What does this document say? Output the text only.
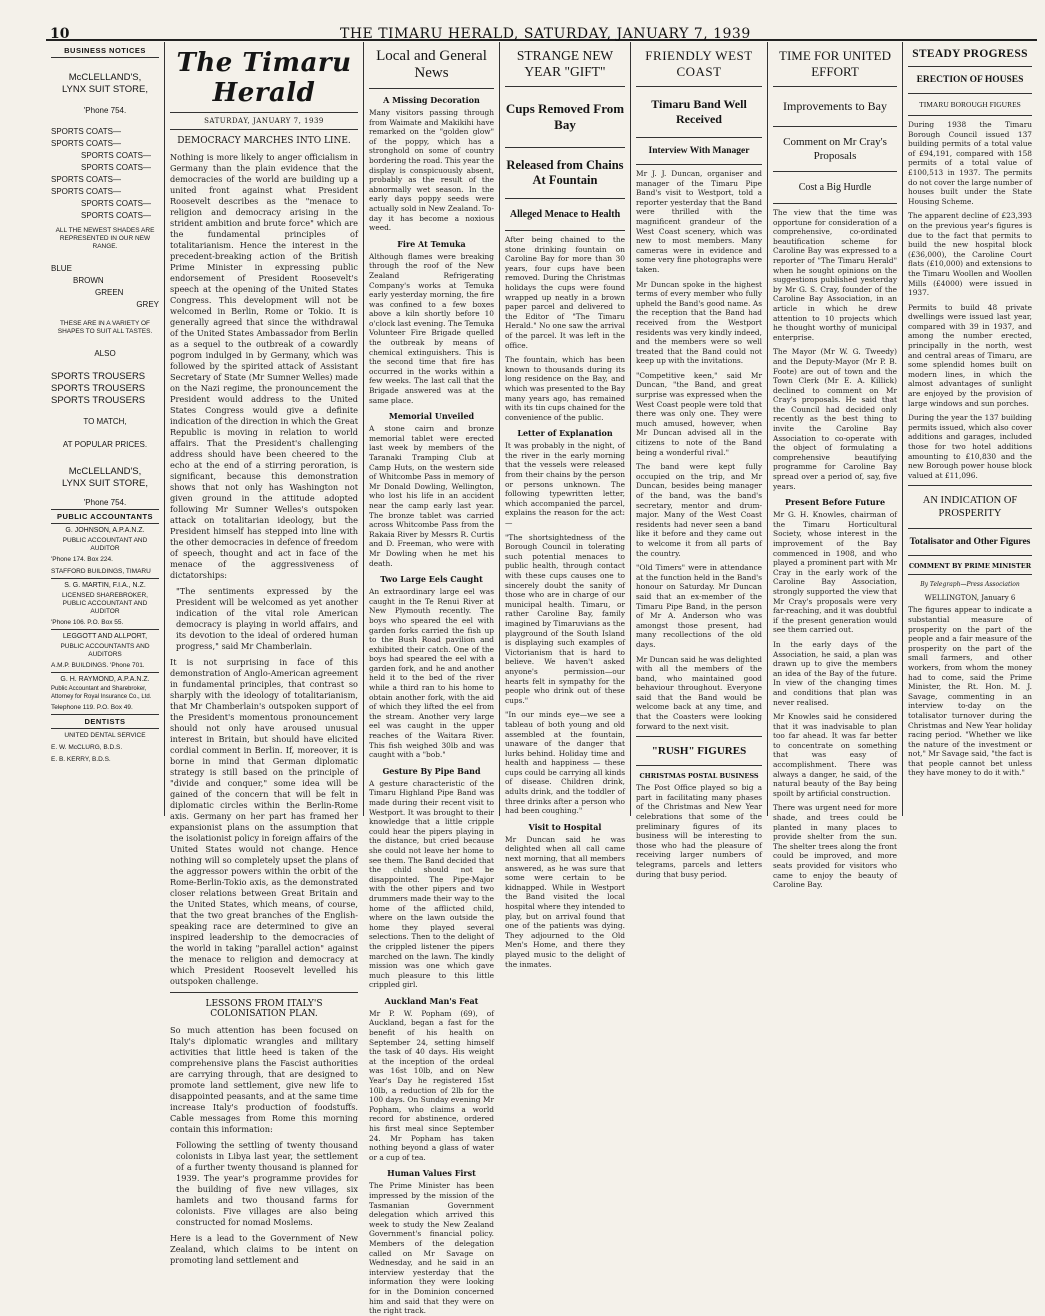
10	THE TIMARU HERALD, SATURDAY, JANUARY 7, 1939
BUSINESS NOTICES
McCLELLAND'S,
LYNX SUIT STORE,
'Phone 754.
SPORTS COATS—
SPORTS COATS—
SPORTS COATS—
SPORTS COATS—
SPORTS COATS—
SPORTS COATS—
SPORTS COATS—
SPORTS COATS—
ALL THE NEWEST SHADES ARE REPRESENTED IN OUR NEW RANGE.
BLUE
BROWN
GREEN
GREY
THESE ARE IN A VARIETY OF SHAPES TO SUIT ALL TASTES.
ALSO
SPORTS TROUSERS
SPORTS TROUSERS
SPORTS TROUSERS
TO MATCH,
AT POPULAR PRICES.
McCLELLAND'S,
LYNX SUIT STORE,
'Phone 754.
PUBLIC ACCOUNTANTS
G. JOHNSON, A.P.A.N.Z.
PUBLIC ACCOUNTANT AND AUDITOR
'Phone 174. Box 224.
STAFFORD BUILDINGS, TIMARU
S. G. MARTIN, F.I.A., N.Z.
LICENSED SHAREBROKER, PUBLIC ACCOUNTANT AND AUDITOR
'Phone 106. P.O. Box 55.
LEGGOTT AND ALLPORT,
PUBLIC ACCOUNTANTS AND AUDITORS
A.M.P. BUILDINGS. 'Phone 701.
G. H. RAYMOND, A.P.A.N.Z.
Public Accountant and Sharebroker, Attorney for Royal Insurance Co., Ltd.
Telephone 119. P.O. Box 49.
DENTISTS
UNITED DENTAL SERVICE
E. W. McCLURG, B.D.S.
E. B. KERRY, B.D.S.
The Timaru Herald
SATURDAY, JANUARY 7, 1939
DEMOCRACY MARCHES INTO LINE.

Nothing is more likely to anger officialism in Germany than the plain evidence that the democracies of the world are building up a united front against what President Roosevelt describes as the "menace to religion and democracy arising in the strident ambition and brute force" which are the fundamental principles of totalitarianism. Hence the interest in the precedent-breaking action of the British Prime Minister in expressing public endorsement of President Roosevelt's speech at the opening of the United States Congress. This development will not be welcomed in Berlin, Rome or Tokio. It is generally agreed that since the withdrawal of the United States Ambassador from Berlin as a sequel to the outbreak of a cowardly pogrom indulged in by Germany, which was followed by the spirited attack of Assistant Secretary of State (Mr Sumner Welles) made on the Nazi regime, the pronouncement the President would address to the United States Congress would give a definite indication of the direction in which the Great Republic is moving in relation to world affairs. That the President's challenging address should have been cheered to the echo at the end of a stirring peroration, is significant, because this demonstration shows that not only has Washington not given ground in the attitude adopted following Mr Sumner Welles's outspoken attack on totalitarian ideology, but the President himself has stepped into line with the other democracies in defence of freedom of speech, thought and act in face of the menace of the aggressiveness of dictatorships:

"The sentiments expressed by the President will be welcomed as yet another indication of the vital role American democracy is playing in world affairs, and its devotion to the ideal of ordered human progress," said Mr Chamberlain.

It is not surprising in face of this demonstration of Anglo-American agreement in fundamental principles, that contrast so sharply with the ideology of totalitarianism, that Mr Chamberlain's outspoken support of the President's momentous pronouncement should not only have aroused unusual interest in Britain, but should have elicited cordial comment in Berlin. If, moreover, it is borne in mind that German diplomatic strategy is still based on the principle of "divide and conquer," some idea will be gained of the concern that will be felt in diplomatic circles within the Berlin-Rome axis. Germany on her part has framed her expansionist plans on the assumption that the isolationist policy in foreign affairs of the United States would not change. Hence nothing will so completely upset the plans of the aggressor powers within the orbit of the Rome-Berlin-Tokio axis, as the demonstrated closer relations between Great Britain and the United States, which means, of course, that the two great branches of the English-speaking race are determined to give an inspired leadership to the democracies of the world in taking "parallel action" against the menace to religion and democracy at which President Roosevelt levelled his outspoken challenge.

LESSONS FROM ITALY'S COLONISATION PLAN.

So much attention has been focused on Italy's diplomatic wrangles and military activities that little heed is taken of the comprehensive plans the Fascist authorities are carrying through, that are designed to promote land settlement, give new life to disappointed peasants, and at the same time increase Italy's production of foodstuffs. Cable messages from Rome this morning contain this information:

Following the settling of twenty thousand colonists in Libya last year, the settlement of a further twenty thousand is planned for 1939. The year's programme provides for the building of five new villages, six hamlets and two thousand farms for colonists. Five villages are also being constructed for nomad Moslems.

Here is a lead to the Government of New Zealand, which claims to be intent on promoting land settlement and

Local and General News
A Missing Decoration

Many visitors passing through from Waimate and Makikihi have remarked on the "golden glow" of the poppy, which has a stronghold on some of country bordering the road. This year the display is conspicuously absent, probably as the result of the abnormally wet season. In the early days poppy seeds were actually sold in New Zealand. To-day it has become a noxious weed.

Fire At Temuka

Although flames were breaking through the roof of the New Zealand Refrigerating Company's works at Temuka early yesterday morning, the fire was confined to a few boxes above a kiln shortly before 10 o'clock last evening. The Temuka Volunteer Fire Brigade quelled the outbreak by means of chemical extinguishers. This is the second time that fire has occurred in the works within a few weeks. The last call that the Brigade answered was at the same place.

Memorial Unveiled

A stone cairn and bronze memorial tablet were erected last week by members of the Taranaki Tramping Club at Camp Huts, on the western side of Whitcombe Pass in memory of Mr Donald Dowling, Wellington, who lost his life in an accident near the camp early last year. The bronze tablet was carried across Whitcombe Pass from the Rakaia River by Messrs R. Curtis and D. Freeman, who were with Mr Dowling when he met his death.

Two Large Eels Caught

An extraordinary large eel was caught in the Te Renui River at New Plymouth recently. The boys who speared the eel with garden forks carried the fish up to the Bush Road pavilion and exhibited their catch. One of the boys had speared the eel with a garden fork, and he and another held it to the bed of the river while a third ran to his home to obtain another fork, with the aid of which they lifted the eel from the stream. Another very large eel was caught in the upper reaches of the Waitara River. This fish weighed 30lb and was caught with a "bob."

Gesture By Pipe Band

A gesture characteristic of the Timaru Highland Pipe Band was made during their recent visit to Westport. It was brought to their knowledge that a little cripple could hear the pipers playing in the distance, but cried because she could not leave her home to see them. The Band decided that the child should not be disappointed. The Pipe-Major with the other pipers and two drummers made their way to the home of the afflicted child, where on the lawn outside the home they played several selections. Then to the delight of the crippled listener the pipers marched on the lawn. The kindly mission was one which gave much pleasure to this little crippled girl.

Auckland Man's Feat

Mr P. W. Popham (69), of Auckland, began a fast for the benefit of his health on September 24, setting himself the task of 40 days. His weight at the inception of the ordeal was 16st 10lb, and on New Year's Day he registered 15st 10lb, a reduction of 2lb for the 100 days. On Sunday evening Mr Popham, who claims a world record for abstinence, ordered his first meal since September 24. Mr Popham has taken nothing beyond a glass of water or a cup of tea.

Human Values First

The Prime Minister has been impressed by the mission of the Tasmanian Government delegation which arrived this week to study the New Zealand Government's financial policy. Members of the delegation called on Mr Savage on Wednesday, and he said in an interview yesterday that the information they were looking for in the Dominion concerned him and said that they were on the right track.

STRANGE NEW YEAR "GIFT"
Cups Removed From Bay
Released from Chains At Fountain
Alleged Menace to Health

After being chained to the stone drinking fountain on Caroline Bay for more than 30 years, four cups have been removed. During the Christmas holidays the cups were found wrapped up neatly in a brown paper parcel and delivered to the Editor of "The Timaru Herald." No one saw the arrival of the parcel. It was left in the office.

The fountain, which has been known to thousands during its long residence on the Bay, and which was presented to the Bay many years ago, has remained with its tin cups chained for the convenience of the public.

Letter of Explanation

It was probably in the night, of the river in the early morning that the vessels were released from their chains by the person or persons unknown. The following typewritten letter, which accompanied the parcel, explains the reason for the act:—

"The shortsightedness of the Borough Council in tolerating such potential menaces to public health, through contact with these cups causes one to sincerely doubt the sanity of those who are in charge of our municipal health. Timaru, or rather Caroline Bay, family imagined by Timaruvians as the playground of the South Island is displaying such examples of Victorianism that is hard to believe. We haven't asked anyone's permission—our hearts felt in sympathy for the people who drink out of these cups."

"In our minds eye—we see a tableau of both young and old assembled at the fountain, unaware of the danger that lurks behind. Holiday time and health and happiness — these cups could be carrying all kinds of disease. Children drink, adults drink, and the toddler of three drinks after a person who had been coughing."

Visit to Hospital

Mr Duncan said he was delighted when all call came next morning, that all members answered, as he was sure that some were certain to be kidnapped. While in Westport the Band visited the local hospital where they intended to play, but on arrival found that one of the patients was dying. They adjourned to the Old Men's Home, and there they played music to the delight of the inmates.

FRIENDLY WEST COAST
Timaru Band Well Received
Interview With Manager

Mr J. J. Duncan, organiser and manager of the Timaru Pipe Band's visit to Westport, told a reporter yesterday that the Band were thrilled with the magnificent grandeur of the West Coast scenery, which was new to most members. Many cameras were in evidence and some very fine photographs were taken.

Mr Duncan spoke in the highest terms of every member who fully upheld the Band's good name. As the reception that the Band had received from the Westport residents was very kindly indeed, and the members were so well treated that the Band could not keep up with the invitations.

"Competitive keen," said Mr Duncan, "the Band, and great surprise was expressed when the West Coast people were told that there was only one. They were much amused, however, when Mr Duncan advised all in the citizens to note of the Band being a wonderful rival."

The band were kept fully occupied on the trip, and Mr Duncan, besides being manager of the band, was the band's secretary, mentor and drum-major. Many of the West Coast residents had never seen a band like it before and they came out to welcome it from all parts of the country.

"Old Timers" were in attendance at the function held in the Band's honour on Saturday. Mr Duncan said that an ex-member of the Timaru Pipe Band, in the person of Mr A. Anderson who was amongst those present, had many recollections of the old days.

Mr Duncan said he was delighted with all the members of the band, who maintained good behaviour throughout. Everyone said that the Band would be welcome back at any time, and that the Coasters were looking forward to the next visit.

"RUSH" FIGURES
CHRISTMAS POSTAL BUSINESS

The Post Office played so big a part in facilitating many phases of the Christmas and New Year celebrations that some of the preliminary figures of its business will be interesting to those who had the pleasure of receiving larger numbers of telegrams, parcels and letters during that busy period.

TIME FOR UNITED EFFORT
Improvements to Bay
Comment on Mr Cray's Proposals
Cost a Big Hurdle

The view that the time was opportune for consideration of a comprehensive, co-ordinated beautification scheme for Caroline Bay was expressed to a reporter of "The Timaru Herald" when he sought opinions on the suggestions published yesterday by Mr G. S. Cray, founder of the Caroline Bay Association, in an article in which he drew attention to 10 projects which he thought worthy of municipal enterprise.

The Mayor (Mr W. G. Tweedy) and the Deputy-Mayor (Mr P. B. Foote) are out of town and the Town Clerk (Mr E. A. Killick) declined to comment on Mr Cray's proposals. He said that the Council had decided only recently as the best thing to invite the Caroline Bay Association to co-operate with the object of formulating a comprehensive beautifying programme for Caroline Bay spread over a period of, say, five years.

Present Before Future

Mr G. H. Knowles, chairman of the Timaru Horticultural Society, whose interest in the improvement of the Bay commenced in 1908, and who played a prominent part with Mr Cray in the early work of the Caroline Bay Association, strongly supported the view that Mr Cray's proposals were very far-reaching, and it was doubtful if the present generation would see them carried out.

In the early days of the Association, he said, a plan was drawn up to give the members an idea of the Bay of the future. In view of the changing times and conditions that plan was never realised.

Mr Knowles said he considered that it was inadvisable to plan too far ahead. It was far better to concentrate on something that was easy of accomplishment. There was always a danger, he said, of the natural beauty of the Bay being spoilt by artificial construction.

There was urgent need for more shade, and trees could be planted in many places to provide shelter from the sun. The shelter trees along the front could be improved, and more seats provided for visitors who came to enjoy the beauty of Caroline Bay.

STEADY PROGRESS
ERECTION OF HOUSES
TIMARU BOROUGH FIGURES

During 1938 the Timaru Borough Council issued 137 building permits of a total value of £94,191, compared with 158 permits of a total value of £100,513 in 1937. The permits do not cover the large number of houses built under the State Housing Scheme.

The apparent decline of £23,393 on the previous year's figures is due to the fact that permits to build the new hospital block (£36,000), the Caroline Court flats (£10,000) and extensions to the Timaru Woollen and Woollen Mills (£4000) were issued in 1937.

Permits to build 48 private dwellings were issued last year, compared with 39 in 1937, and among the number erected, principally in the north, west and central areas of Timaru, are some splendid homes built on modern lines, in which the almost advantages of sunlight are enjoyed by the provision of large windows and sun porches.

During the year the 137 building permits issued, which also cover additions and garages, included those for two hotel additions amounting to £10,830 and the new Borough power house block valued at £11,096.

AN INDICATION OF PROSPERITY
Totalisator and Other Figures
COMMENT BY PRIME MINISTER
By Telegraph—Press Association
WELLINGTON, January 6

The figures appear to indicate a substantial measure of prosperity on the part of the people and a fair measure of the prosperity on the part of the small farmers, and other workers, from whom the money had to come, said the Prime Minister, the Rt. Hon. M. J. Savage, commenting in an interview to-day on the totalisator turnover during the Christmas and New Year holiday racing period. "Whether we like the nature of the investment or not," Mr Savage said, "the fact is that people cannot bet unless they have money to do it with."
